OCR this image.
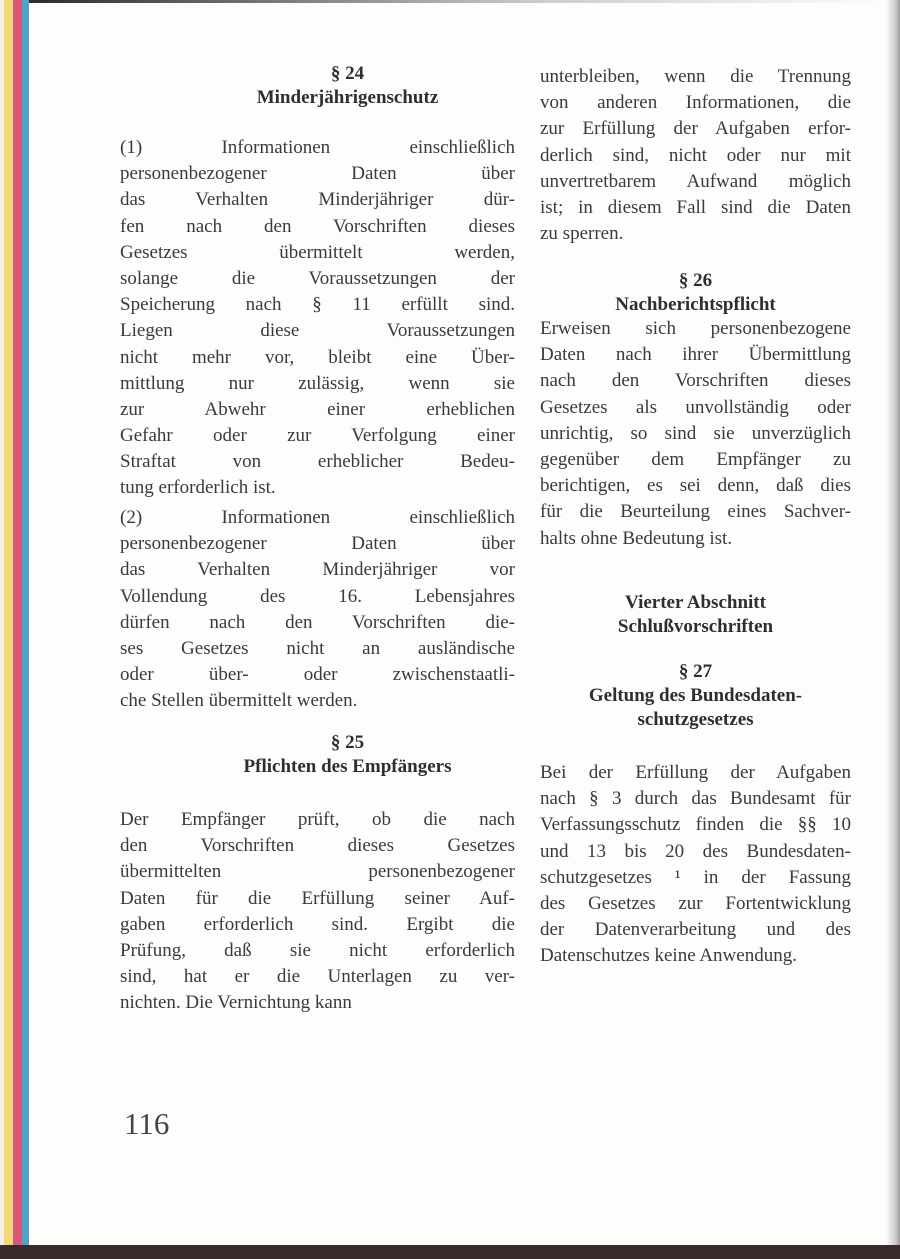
§ 24
Minderjährigenschutz
(1) Informationen einschließlich
personenbezogener Daten über
das Verhalten Minderjähriger dür-
fen nach den Vorschriften dieses
Gesetzes übermittelt werden,
solange die Voraussetzungen der
Speicherung nach § 11 erfüllt sind.
Liegen diese Voraussetzungen
nicht mehr vor, bleibt eine Über-
mittlung nur zulässig, wenn sie
zur Abwehr einer erheblichen
Gefahr oder zur Verfolgung einer
Straftat von erheblicher Bedeu-
tung erforderlich ist.
(2) Informationen einschließlich
personenbezogener Daten über
das Verhalten Minderjähriger vor
Vollendung des 16. Lebensjahres
dürfen nach den Vorschriften die-
ses Gesetzes nicht an ausländische
oder über- oder zwischenstaatli-
che Stellen übermittelt werden.
§ 25
Pflichten des Empfängers
Der Empfänger prüft, ob die nach
den Vorschriften dieses Gesetzes
übermittelten personenbezogener
Daten für die Erfüllung seiner Auf-
gaben erforderlich sind. Ergibt die
Prüfung, daß sie nicht erforderlich
sind, hat er die Unterlagen zu ver-
nichten. Die Vernichtung kann
116
unterbleiben, wenn die Trennung
von anderen Informationen, die
zur Erfüllung der Aufgaben erfor-
derlich sind, nicht oder nur mit
unvertretbarem Aufwand möglich
ist; in diesem Fall sind die Daten
zu sperren.
§ 26
Nachberichtspflicht
Erweisen sich personenbezogene
Daten nach ihrer Übermittlung
nach den Vorschriften dieses
Gesetzes als unvollständig oder
unrichtig, so sind sie unverzüglich
gegenüber dem Empfänger zu
berichtigen, es sei denn, daß dies
für die Beurteilung eines Sachver-
halts ohne Bedeutung ist.
Vierter Abschnitt
Schlußvorschriften
§ 27
Geltung des Bundesdaten-
schutzgesetzes
Bei der Erfüllung der Aufgaben
nach § 3 durch das Bundesamt für
Verfassungsschutz finden die §§ 10
und 13 bis 20 des Bundesdaten-
schutzgesetzes ¹ in der Fassung
des Gesetzes zur Fortentwicklung
der Datenverarbeitung und des
Datenschutzes keine Anwendung.
